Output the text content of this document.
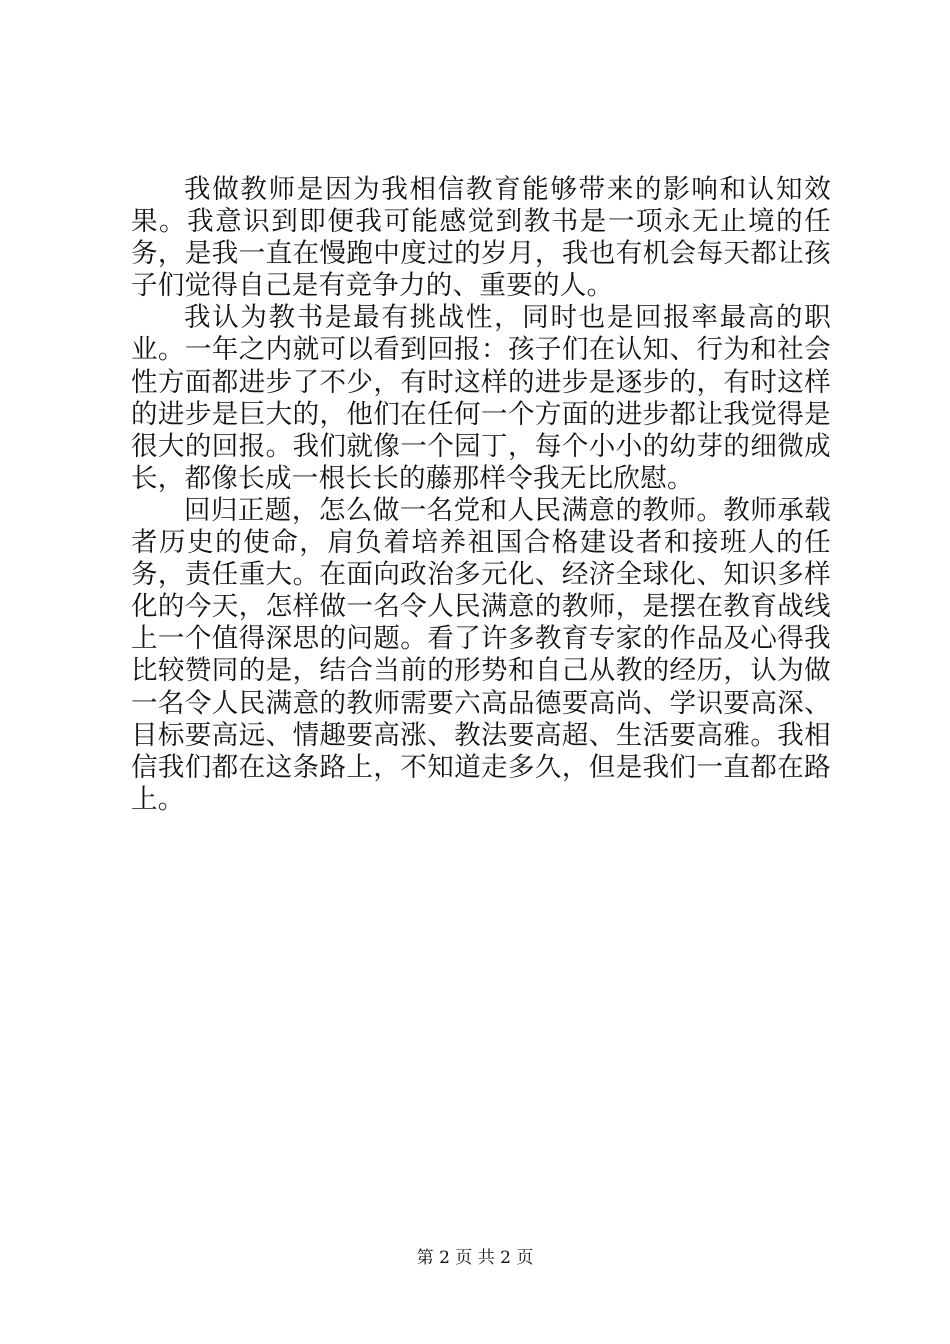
我做教师是因为我相信教育能够带来的影响和认知效果。我意识到即便我可能感觉到教书是一项永无止境的任务，是我一直在慢跑中度过的岁月，我也有机会每天都让孩子们觉得自己是有竞争力的、重要的人。

我认为教书是最有挑战性，同时也是回报率最高的职业。一年之内就可以看到回报：孩子们在认知、行为和社会性方面都进步了不少，有时这样的进步是逐步的，有时这样的进步是巨大的，他们在任何一个方面的进步都让我觉得是很大的回报。我们就像一个园丁，每个小小的幼芽的细微成长，都像长成一根长长的藤那样令我无比欣慰。

回归正题，怎么做一名党和人民满意的教师。教师承载者历史的使命，肩负着培养祖国合格建设者和接班人的任务，责任重大。在面向政治多元化、经济全球化、知识多样化的今天，怎样做一名令人民满意的教师，是摆在教育战线上一个值得深思的问题。看了许多教育专家的作品及心得我比较赞同的是，结合当前的形势和自己从教的经历，认为做一名令人民满意的教师需要六高品德要高尚、学识要高深、目标要高远、情趣要高涨、教法要高超、生活要高雅。我相信我们都在这条路上，不知道走多久，但是我们一直都在路上。

第 2 页 共 2 页
